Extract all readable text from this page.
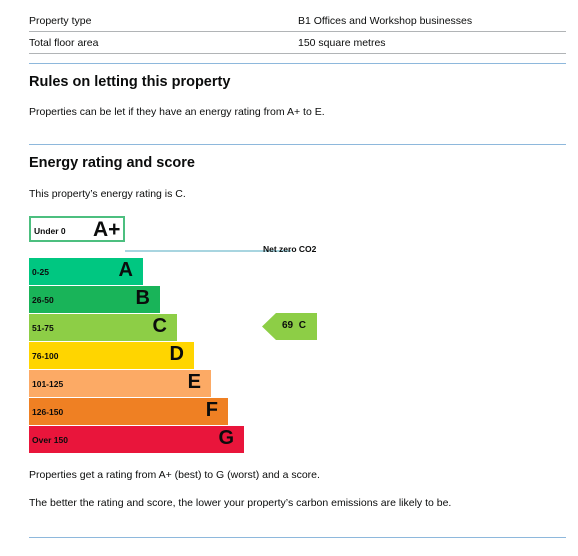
Property type	B1 Offices and Workshop businesses
Total floor area	150 square metres
Rules on letting this property

Properties can be let if they have an energy rating from A+ to E.

Energy rating and score

This property’s energy rating is C.

Under 0 A+
Net zero CO2
0-25	A
26-50	B
51-75	C
76-100	D
101-125	E
126-150	F
Over 150	G
69 C

Properties get a rating from A+ (best) to G (worst) and a score.

The better the rating and score, the lower your property’s carbon emissions are likely to be.
